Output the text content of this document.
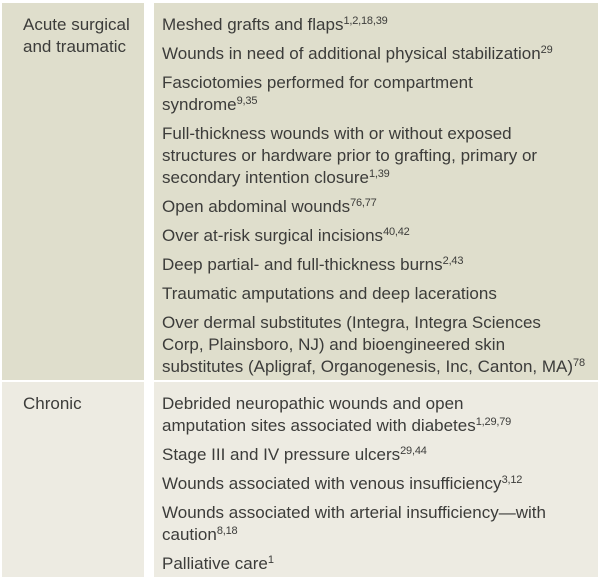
Acute surgical
and traumatic
Meshed grafts and flaps$^{1,2,18,39}$
Wounds in need of additional physical stabilization$^{29}$
Fasciotomies performed for compartment
syndrome$^{9,35}$
Full-thickness wounds with or without exposed
structures or hardware prior to grafting, primary or
secondary intention closure$^{1,39}$
Open abdominal wounds$^{76,77}$
Over at-risk surgical incisions$^{40,42}$
Deep partial- and full-thickness burns$^{2,43}$
Traumatic amputations and deep lacerations
Over dermal substitutes (Integra, Integra Sciences
Corp, Plainsboro, NJ) and bioengineered skin
substitutes (Apligraf, Organogenesis, Inc, Canton, MA)$^{78}$
Chronic	Debrided neuropathic wounds and open
amputation sites associated with diabetes$^{1,29,79}$
Stage III and IV pressure ulcers$^{29,44}$
Wounds associated with venous insufficiency$^{3,12}$
Wounds associated with arterial insufficiency—with
caution$^{8,18}$
Palliative care$^1$
